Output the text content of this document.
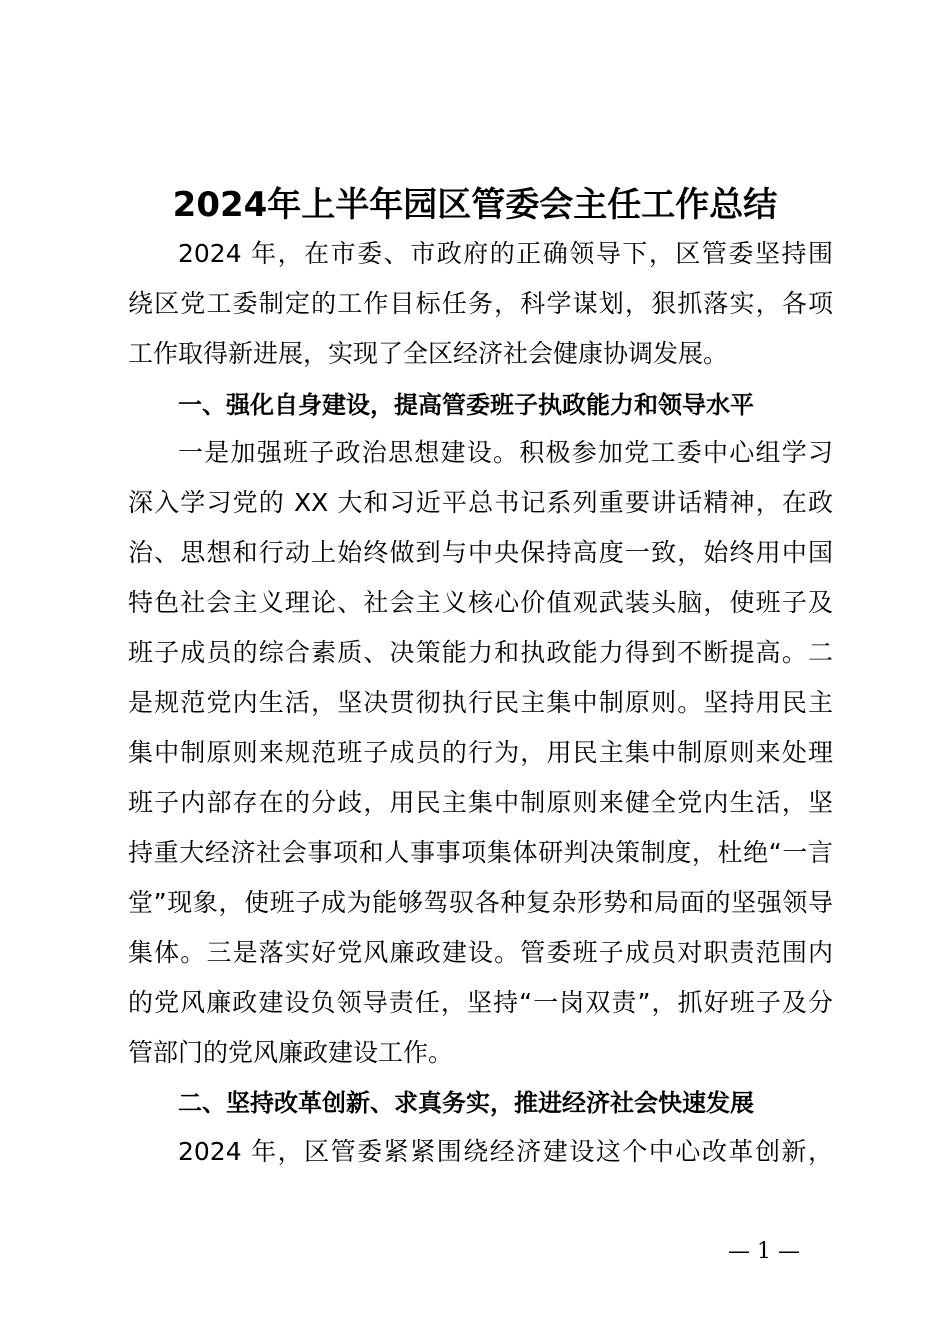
2024年上半年园区管委会主任工作总结
2024 年，在市委、市政府的正确领导下，区管委坚持围
绕区党工委制定的工作目标任务，科学谋划，狠抓落实，各项
工作取得新进展，实现了全区经济社会健康协调发展。
一、强化自身建设，提高管委班子执政能力和领导水平
一是加强班子政治思想建设。积极参加党工委中心组学习
深入学习党的 XX 大和习近平总书记系列重要讲话精神，在政
治、思想和行动上始终做到与中央保持高度一致，始终用中国
特色社会主义理论、社会主义核心价值观武装头脑，使班子及
班子成员的综合素质、决策能力和执政能力得到不断提高。二
是规范党内生活，坚决贯彻执行民主集中制原则。坚持用民主
集中制原则来规范班子成员的行为，用民主集中制原则来处理
班子内部存在的分歧，用民主集中制原则来健全党内生活，坚
持重大经济社会事项和人事事项集体研判决策制度，杜绝“一言
堂”现象，使班子成为能够驾驭各种复杂形势和局面的坚强领导
集体。三是落实好党风廉政建设。管委班子成员对职责范围内
的党风廉政建设负领导责任，坚持“一岗双责”，抓好班子及分
管部门的党风廉政建设工作。
二、坚持改革创新、求真务实，推进经济社会快速发展
2024 年，区管委紧紧围绕经济建设这个中心改革创新，
— 1 —
